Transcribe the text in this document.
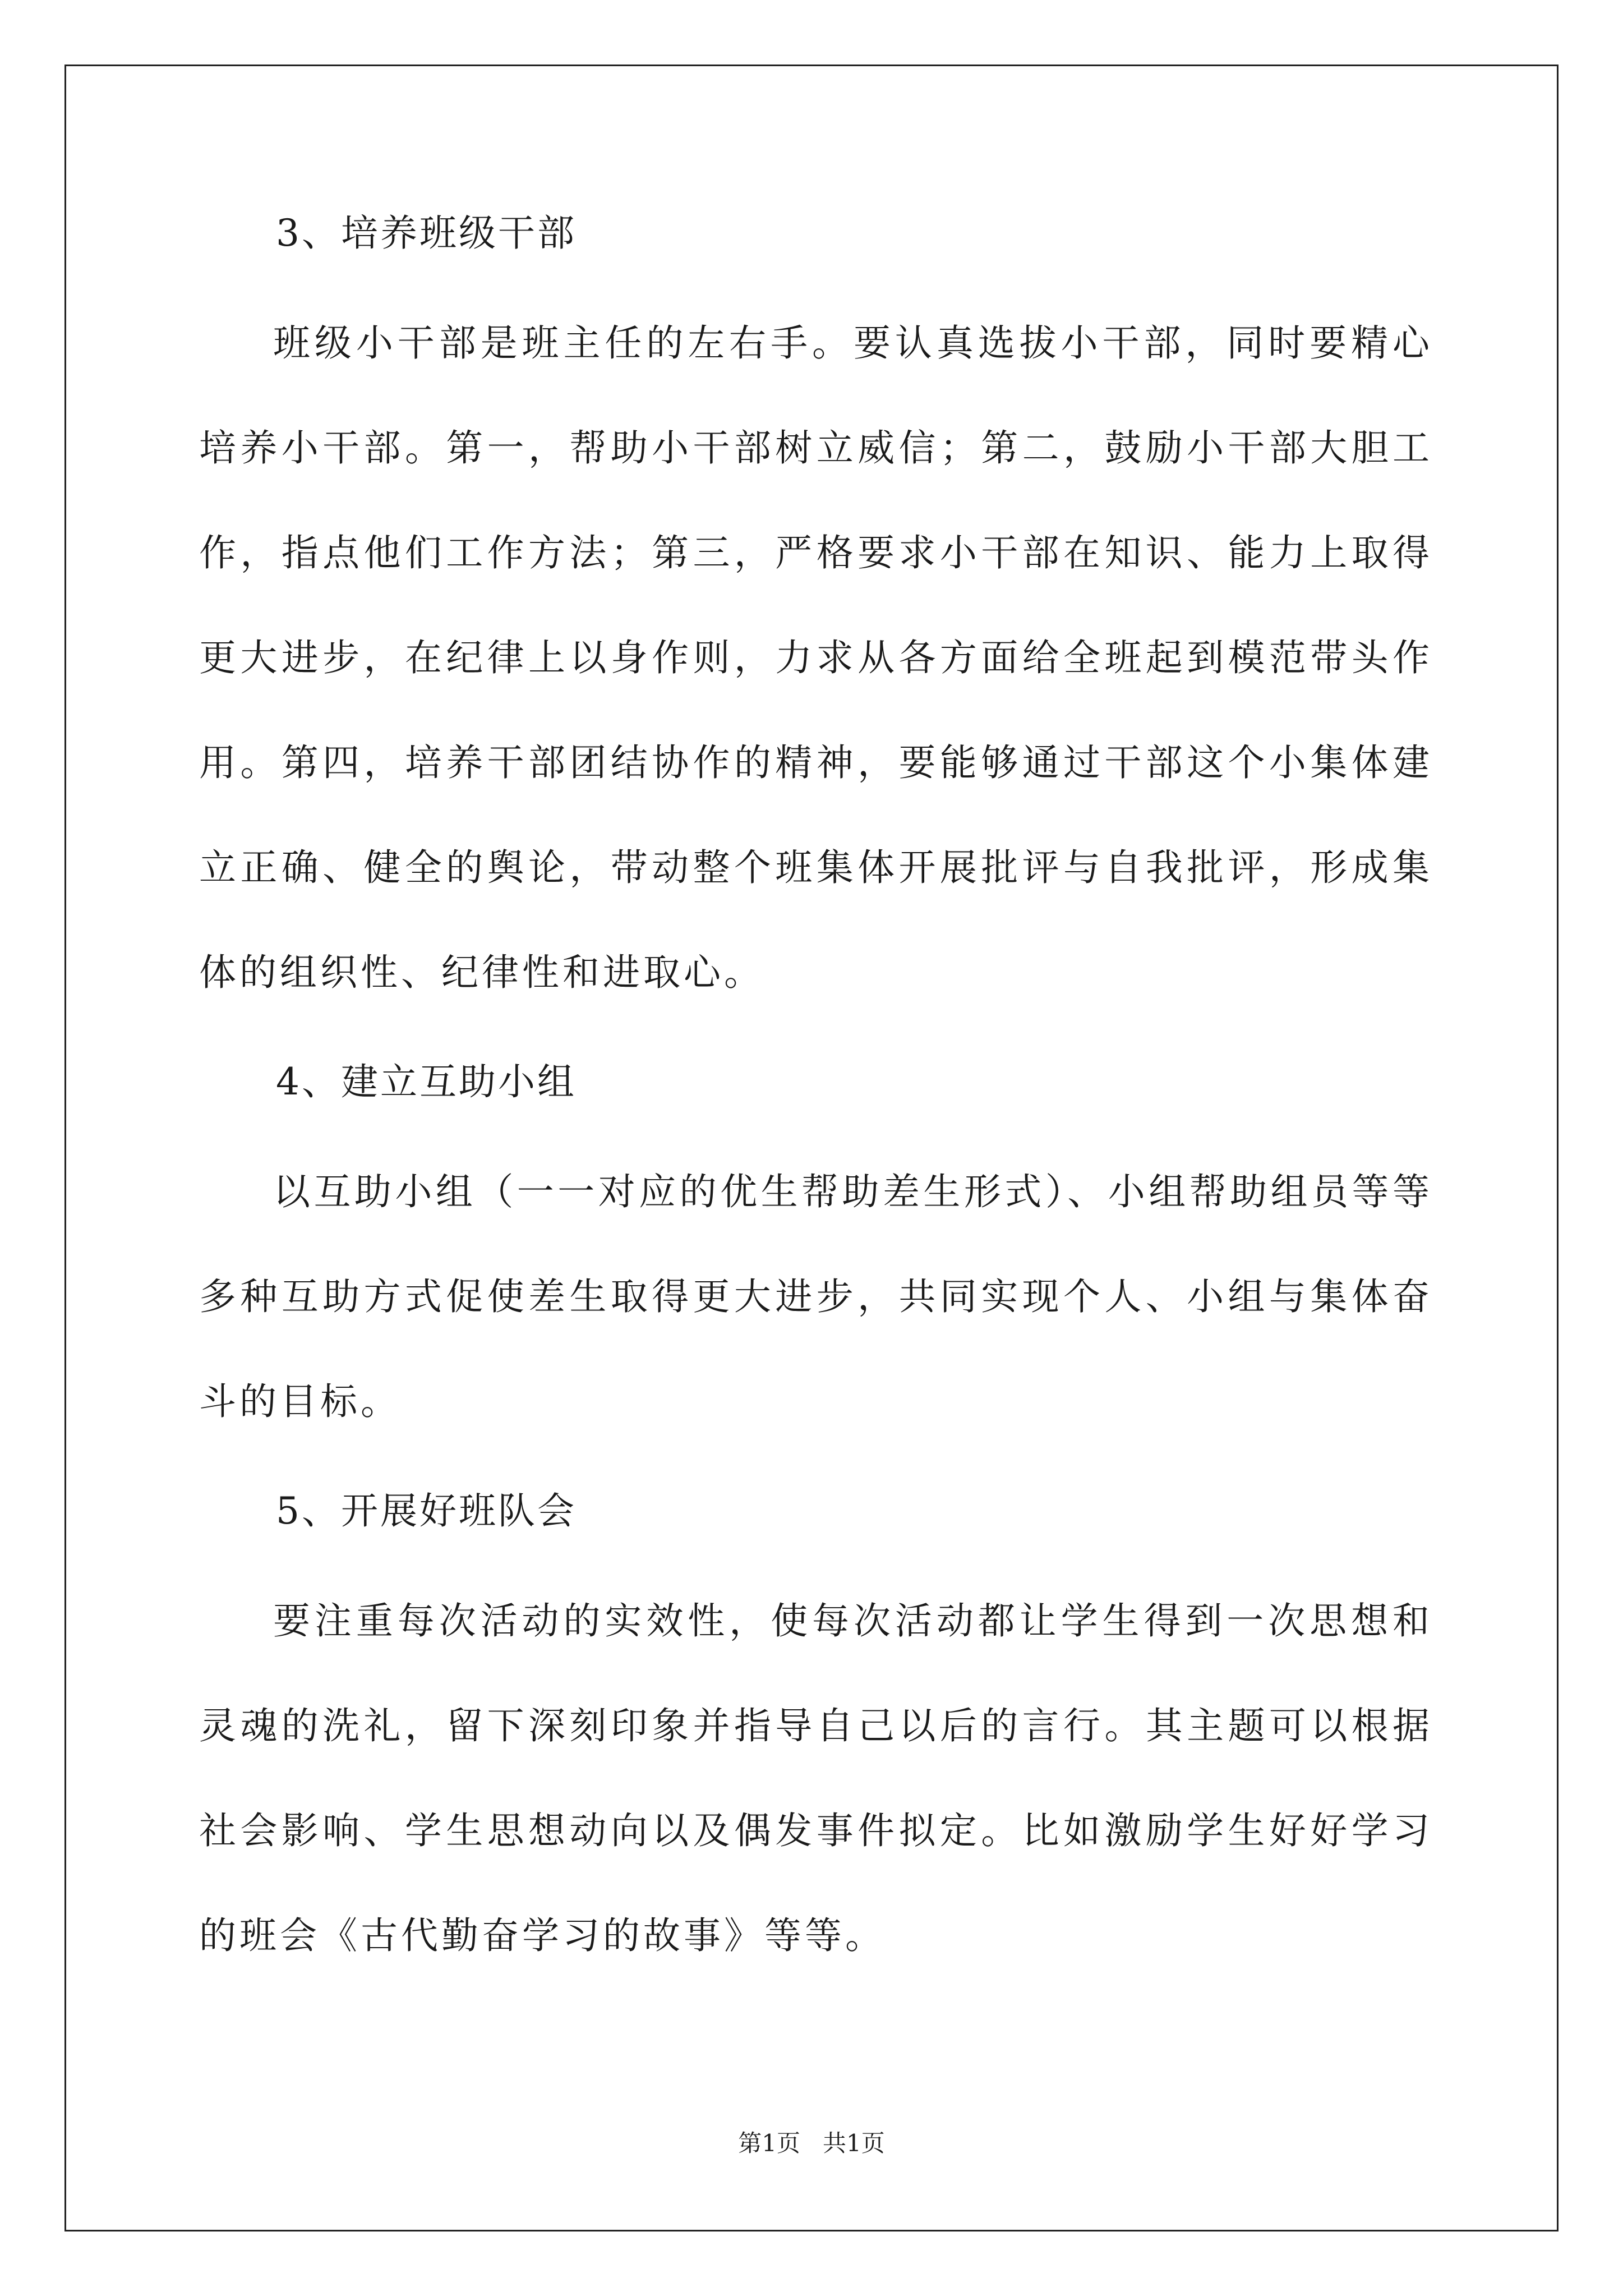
3、培养班级干部

班级小干部是班主任的左右手。要认真选拔小干部，同时要精心培养小干部。第一，帮助小干部树立威信；第二，鼓励小干部大胆工作，指点他们工作方法；第三，严格要求小干部在知识、能力上取得更大进步，在纪律上以身作则，力求从各方面给全班起到模范带头作用。第四，培养干部团结协作的精神，要能够通过干部这个小集体建立正确、健全的舆论，带动整个班集体开展批评与自我批评，形成集体的组织性、纪律性和进取心。

4、建立互助小组

以互助小组（一一对应的优生帮助差生形式）、小组帮助组员等等多种互助方式促使差生取得更大进步，共同实现个人、小组与集体奋斗的目标。

5、开展好班队会

要注重每次活动的实效性，使每次活动都让学生得到一次思想和灵魂的洗礼，留下深刻印象并指导自己以后的言行。其主题可以根据社会影响、学生思想动向以及偶发事件拟定。比如激励学生好好学习的班会《古代勤奋学习的故事》等等。

第1页   共1页
